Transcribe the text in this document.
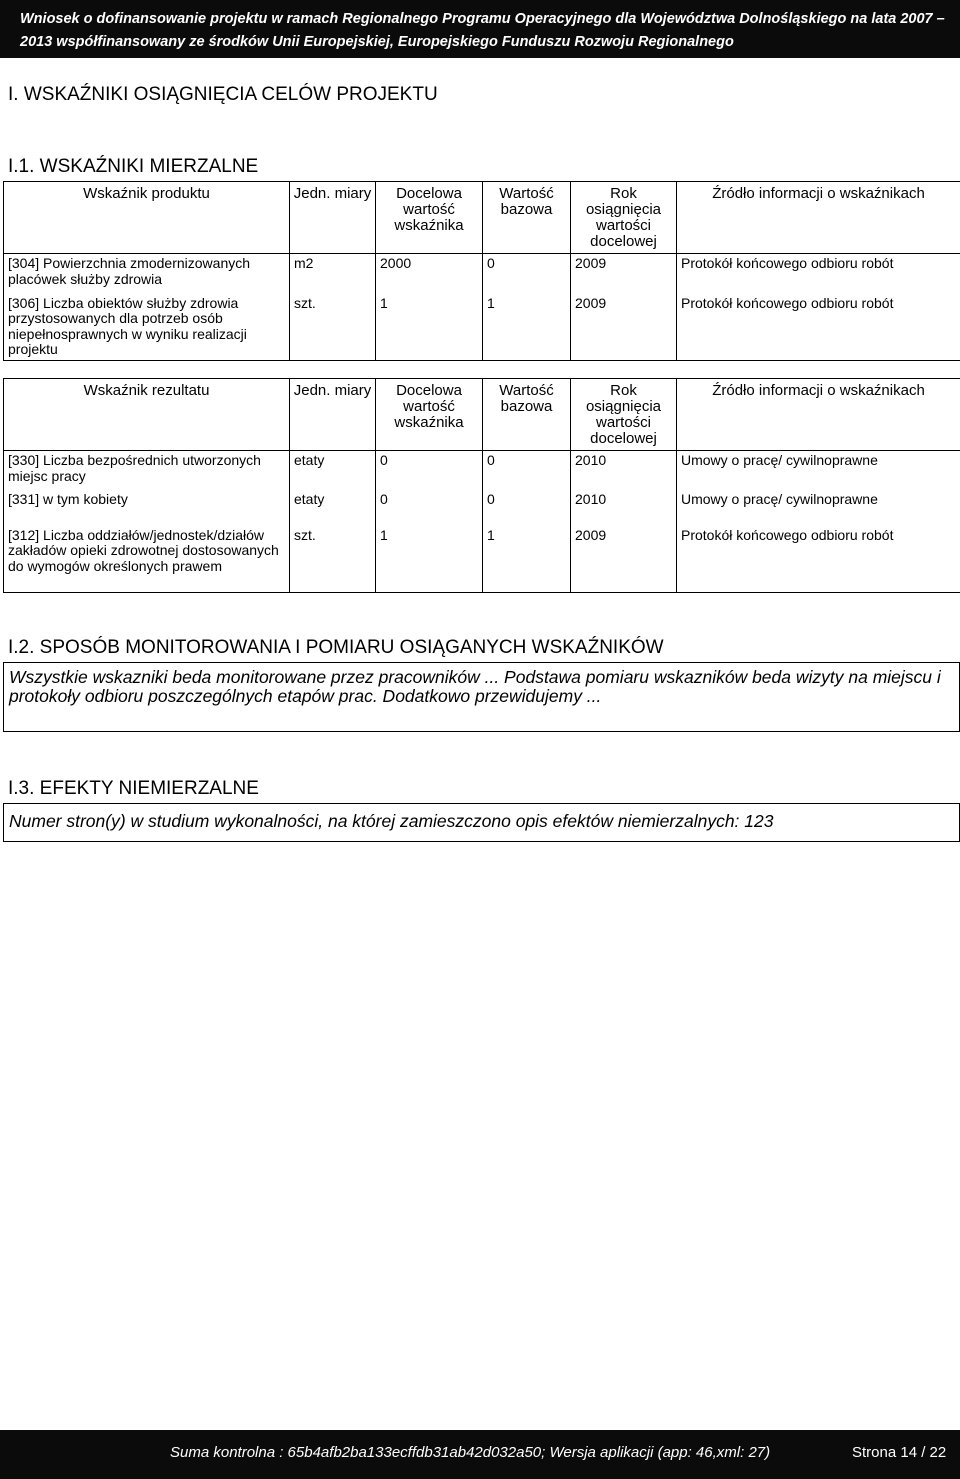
Wniosek o dofinansowanie projektu w ramach Regionalnego Programu Operacyjnego dla Województwa Dolnośląskiego na lata 2007 –
2013 współfinansowany ze środków Unii Europejskiej, Europejskiego Funduszu Rozwoju Regionalnego
I. WSKAŹNIKI OSIĄGNIĘCIA CELÓW PROJEKTU
I.1. WSKAŹNIKI MIERZALNE
Wskaźnik produktu	Jedn. miary	Docelowa wartość wskaźnika	Wartość bazowa	Rok osiągnięcia wartości docelowej	Źródło informacji o wskaźnikach
[304] Powierzchnia zmodernizowanych placówek służby zdrowia	m2	2000	0	2009	Protokół końcowego odbioru robót
[306] Liczba obiektów służby zdrowia przystosowanych dla potrzeb osób niepełnosprawnych w wyniku realizacji projektu	szt.	1	1	2009	Protokół końcowego odbioru robót
Wskaźnik rezultatu	Jedn. miary	Docelowa wartość wskaźnika	Wartość bazowa	Rok osiągnięcia wartości docelowej	Źródło informacji o wskaźnikach
[330] Liczba bezpośrednich utworzonych miejsc pracy	etaty	0	0	2010	Umowy o pracę/ cywilnoprawne
[331] w tym kobiety	etaty	0	0	2010	Umowy o pracę/ cywilnoprawne
[312] Liczba oddziałów/jednostek/działów zakładów opieki zdrowotnej dostosowanych do wymogów określonych prawem	szt.	1	1	2009	Protokół końcowego odbioru robót
I.2. SPOSÓB MONITOROWANIA I POMIARU OSIĄGANYCH WSKAŹNIKÓW
Wszystkie wskazniki beda monitorowane przez pracowników ... Podstawa pomiaru wskazników beda wizyty na miejscu i protokoły odbioru poszczególnych etapów prac. Dodatkowo przewidujemy ...
I.3. EFEKTY NIEMIERZALNE
Numer stron(y) w studium wykonalności, na której zamieszczono opis efektów niemierzalnych: 123
Suma kontrolna : 65b4afb2ba133ecffdb31ab42d032a50; Wersja aplikacji (app: 46,xml: 27)	Strona 14 / 22
